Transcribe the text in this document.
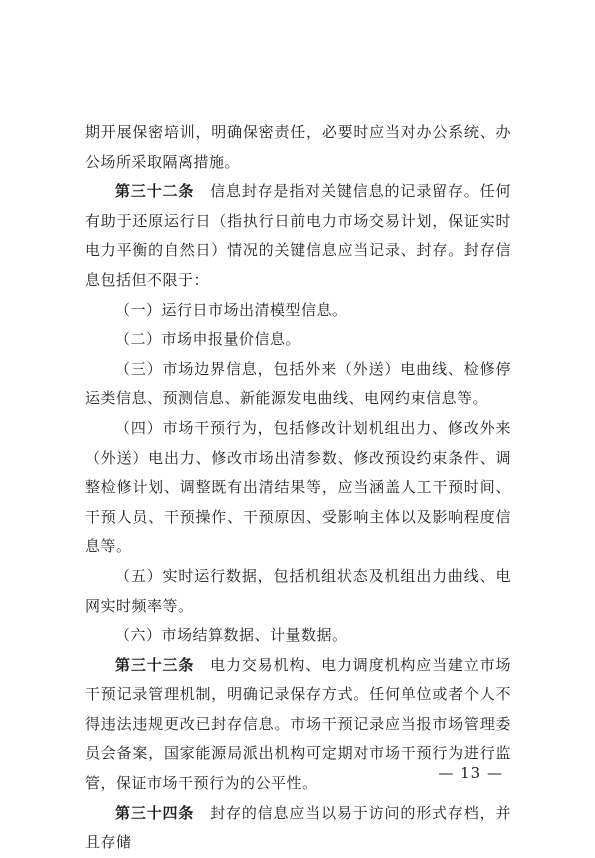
期开展保密培训，明确保密责任，必要时应当对办公系统、办公场所采取隔离措施。

第三十二条  信息封存是指对关键信息的记录留存。任何有助于还原运行日（指执行日前电力市场交易计划，保证实时电力平衡的自然日）情况的关键信息应当记录、封存。封存信息包括但不限于：

（一）运行日市场出清模型信息。

（二）市场申报量价信息。

（三）市场边界信息，包括外来（外送）电曲线、检修停运类信息、预测信息、新能源发电曲线、电网约束信息等。

（四）市场干预行为，包括修改计划机组出力、修改外来（外送）电出力、修改市场出清参数、修改预设约束条件、调整检修计划、调整既有出清结果等，应当涵盖人工干预时间、干预人员、干预操作、干预原因、受影响主体以及影响程度信息等。

（五）实时运行数据，包括机组状态及机组出力曲线、电网实时频率等。

（六）市场结算数据、计量数据。

第三十三条  电力交易机构、电力调度机构应当建立市场干预记录管理机制，明确记录保存方式。任何单位或者个人不得违法违规更改已封存信息。市场干预记录应当报市场管理委员会备案，国家能源局派出机构可定期对市场干预行为进行监管，保证市场干预行为的公平性。

第三十四条  封存的信息应当以易于访问的形式存档，并且存储

— 13 —
